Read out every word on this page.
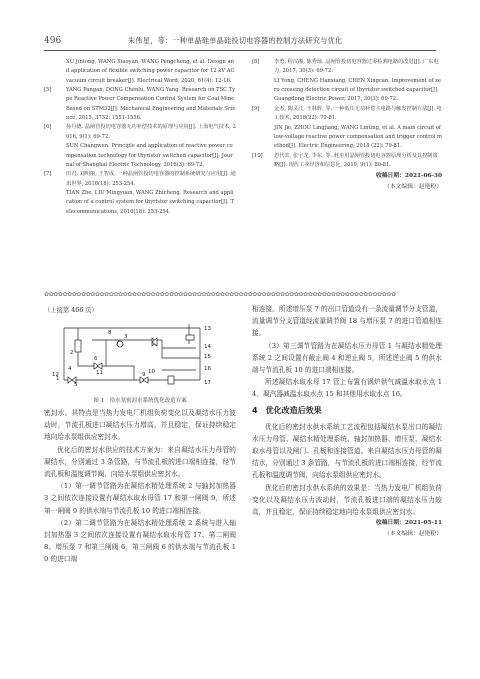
496	朱伟星，等：一种单晶硅单晶硅投切电容器的控制方法研究与优化
XU Jintong, WANG Xiaoyan, WANG Pengcheng, et al. Design and application of flexible switching power capacitor for 12 kV AC vacuum circuit breaker[J]. Electrical Word, 2020, 61(4): 12-16.
[5]	YANG Pangan, DONG Chenlu, WANG Yang. Research on TSC Type Reactive Power Compensation Control System for Coal Mine Based on STM32[J]. Mechanical Engineering and Materials Science, 2015, 3752: 1551-1556.
[6]	孙丹德. 晶闸管投切电容器无功补偿技术的原理与应用[J]. 上海电气技术, 2016, 9(1): 69-72.
SUN Changwen. Principle and application of reactive power compensation technology for thyristor switched capacitor[J]. Journal of Shanghai Electric Technology, 2016(3): 69-72.
[7]	田君, 刘明丽, 王智成. 一种晶闸管投切电容器的控制系统研究与应用[J]. 通讯世界, 2016(18): 253-254.
TIAN Zhe, LIU Mingyuan, WANG Zhicheng. Research and application of a control system for thyristor switching capacitor[J]. Telecommunications, 2016(18): 253-254.
[8]	李勇, 程汉湘, 陈秀灿. 晶闸管投切电容器过零检测电路的改进[J]. 广东电力, 2017, 30(3): 69-72.
LI Yong, CHENG Hanxiang, CHEN Xingcan. Improvement of zero crossing detection circuit of thyristor switched capacitor[J]. Guangdong Electric Power, 2017, 30(3): 69-72.
[9]	金杰, 陶灵江, 王林辉, 等. 一种低压无功补偿主电路与触发控制方法[J]. 电工技术, 2018(22): 79-81.
JIN Jie, ZHOU Lingjiang, WANG Linting, et al. A main circuit of low-voltage reactive power compensation and trigger control method[J]. Electric Engineering, 2018 (22): 79-81.
[10]	恩代其, 张宇龙, 李东, 等. 耗车用晶闸管投切电容器原理分析及其控制策略[J]. 现代工业经济和信息化, 2019, 9(1): 80-81.
收稿日期：2021-06-30
（本文编辑：赵艳粉）
✿✿✿✿✿✿✿✿✿✿✿✿✿✿✿✿✿✿✿✿✿✿✿✿✿✿✿✿✿✿✿✿✿✿✿✿✿✿✿✿✿✿✿✿✿✿✿✿✿✿✿✿✿✿✿✿✿✿✿✿✿✿✿✿✿✿✿✿✿✿✿✿✿✿✿✿
（上接第 466 页）
1
2
3
4
5
6
7
8
9 10
11
12
13
14
15
16
17
图 1　给水泵密封水系统优化改造方案

密封水。其特点是当热力发电厂机组负荷变化以及凝结水压力波动时，节流孔板进口凝结水压力增高，并且稳定，保证持续稳定地向给水泵组供应密封水。

优化后的密封水供应的技术方案为：来自凝结水压力母管的凝结水，分别通过 3 条管路，与节流孔板的进口端相连接，经节流孔板和温度调节阀，向给水泵组供应密封水。

（1）第一调节管路为在凝结水精处理系统 2 与轴封加热器 3 之间依次连接设置有凝结水取水母管 17 和第一闸阀 9，所述第一闸阀 9 的供水端与节流孔板 10 的进口端相连接。

（2）第二调节管路为在凝结水精处理系统 2 系统与进入轴封加热器 3 之间依次连接设置有凝结水取水母管 17、第二闸阀 8、增压泵 7 和第三闸阀 6，第三闸阀 6 的供水端与节流孔板 10 的进口端

相连接。所述增压泵 7 的出口管道设有一条流量调节分支管道，流量调节分支管道经流量调节阀 18 与增压泵 7 的进口管道相连接。

（3）第三调节管路为在凝结水压力母管 1 与凝结水精处理系统 2 之间设置有截止阀 4 和逆止阀 5，所述逆止阀 5 的供水端与节流孔板 10 的进口端相连接。

所述凝结水取水母 17 管上布置有锅炉供气减温水取水点 14、凝汽器减温水取水点 15 和其他用水取水点 16。

4　优化改造后效果

优化后的密封水供水系统工艺流程包括凝结水泵出口的凝结水压力母管、凝结水精处理系统、轴封加热器、增压泵、凝结水取水母管以及闸门、孔板和连接管道。来自凝结水压力母管的凝结水，分别通过 3 条管路，与节流孔板的进口端相连接，经节流孔板和温度调节阀，向给水泵组供应密封水。

优化后的密封水供水系统的效果是：当热力发电厂机组负荷变化以及凝结水压力波动时，节流孔板进口端的凝结水压力较高，并且稳定，保证持续稳定地向给水泵组供应密封水。

收稿日期：2021-05-11
（本文编辑：赵艳粉）
